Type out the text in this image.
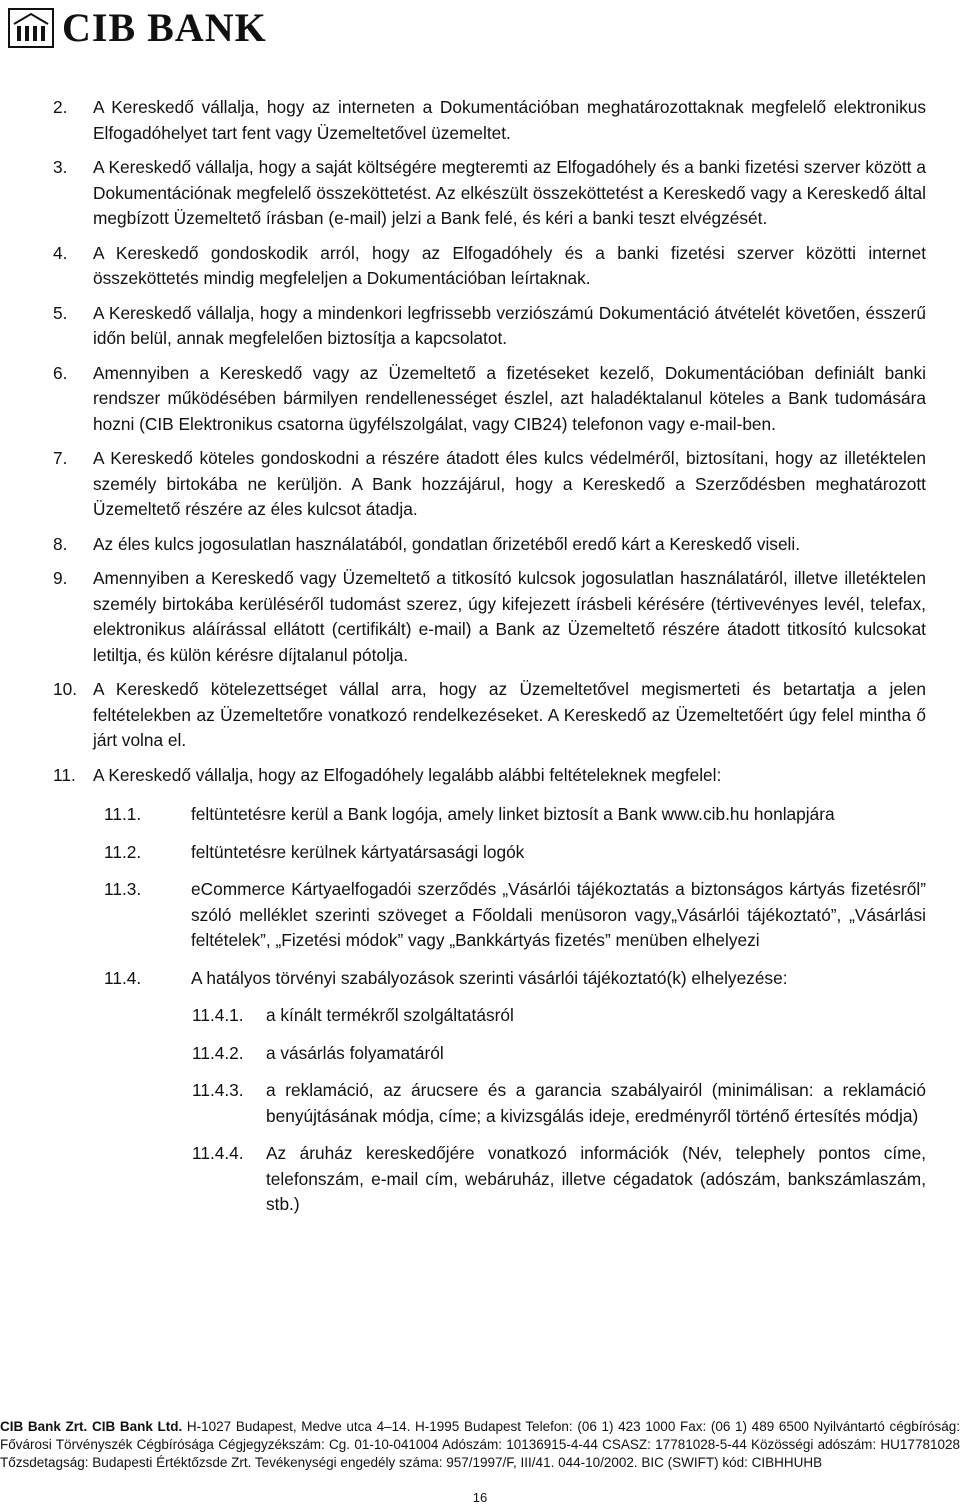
CIB BANK
2.	A Kereskedő vállalja, hogy az interneten a Dokumentációban meghatározottaknak megfelelő elektronikus Elfogadóhelyet tart fent vagy Üzemeltetővel üzemeltet.
3.	A Kereskedő vállalja, hogy a saját költségére megteremti az Elfogadóhely és a banki fizetési szerver között a Dokumentációnak megfelelő összeköttetést. Az elkészült összeköttetést a Kereskedő vagy a Kereskedő által megbízott Üzemeltető írásban (e-mail) jelzi a Bank felé, és kéri a banki teszt elvégzését.
4.	A Kereskedő gondoskodik arról, hogy az Elfogadóhely és a banki fizetési szerver közötti internet összeköttetés mindig megfeleljen a Dokumentációban leírtaknak.
5.	A Kereskedő vállalja, hogy a mindenkori legfrissebb verziószámú Dokumentáció átvételét követően, ésszerű időn belül, annak megfelelően biztosítja a kapcsolatot.
6.	Amennyiben a Kereskedő vagy az Üzemeltető a fizetéseket kezelő, Dokumentációban definiált banki rendszer működésében bármilyen rendellenességet észlel, azt haladéktalanul köteles a Bank tudomására hozni (CIB Elektronikus csatorna ügyfélszolgálat, vagy CIB24) telefonon vagy e-mail-ben.
7.	A Kereskedő köteles gondoskodni a részére átadott éles kulcs védelméről, biztosítani, hogy az illetéktelen személy birtokába ne kerüljön. A Bank hozzájárul, hogy a Kereskedő a Szerződésben meghatározott Üzemeltető részére az éles kulcsot átadja.
8.	Az éles kulcs jogosulatlan használatából, gondatlan őrizetéből eredő kárt a Kereskedő viseli.
9.	Amennyiben a Kereskedő vagy Üzemeltető a titkosító kulcsok jogosulatlan használatáról, illetve illetéktelen személy birtokába kerüléséről tudomást szerez, úgy kifejezett írásbeli kérésére (tértivevényes levél, telefax, elektronikus aláírással ellátott (certifikált) e-mail) a Bank az Üzemeltető részére átadott titkosító kulcsokat letiltja, és külön kérésre díjtalanul pótolja.
10. A Kereskedő kötelezettséget vállal arra, hogy az Üzemeltetővel megismerteti és betartatja a jelen feltételekben az Üzemeltetőre vonatkozó rendelkezéseket. A Kereskedő az Üzemeltetőért úgy felel mintha ő járt volna el.
11. A Kereskedő vállalja, hogy az Elfogadóhely legalább alábbi feltételeknek megfelel:
11.1.	feltüntetésre kerül a Bank logója, amely linket biztosít a Bank www.cib.hu honlapjára
11.2.	feltüntetésre kerülnek kártyatársasági logók
11.3.	eCommerce Kártyaelfogadói szerződés „Vásárlói tájékoztatás a biztonságos kártyás fizetésről” szóló melléklet szerinti szöveget a Főoldali menüsoron vagy„Vásárlói tájékoztató”, „Vásárlási feltételek”, „Fizetési módok” vagy „Bankkártyás fizetés” menüben elhelyezi
11.4.	A hatályos törvényi szabályozások szerinti vásárlói tájékoztató(k) elhelyezése:
11.4.1.	a kínált termékről szolgáltatásról
11.4.2.	a vásárlás folyamatáról
11.4.3.	a reklamáció, az árucsere és a garancia szabályairól (minimálisan: a reklamáció benyújtásának módja, címe; a kivizsgálás ideje, eredményről történő értesítés módja)
11.4.4.	Az áruház kereskedőjére vonatkozó információk (Név, telephely pontos címe, telefonszám, e-mail cím, webáruház, illetve cégadatok (adószám, bankszámlaszám, stb.)
CIB Bank Zrt. CIB Bank Ltd. H-1027 Budapest, Medve utca 4–14. H-1995 Budapest Telefon: (06 1) 423 1000 Fax: (06 1) 489 6500 Nyilvántartó cégbíróság: Fővárosi Törvényszék Cégbírósága Cégjegyzékszám: Cg. 01-10-041004 Adószám: 10136915-4-44 CSASZ: 17781028-5-44 Közösségi adószám: HU17781028 Tőzsdetagság: Budapesti Értéktőzsde Zrt. Tevékenységi engedély száma: 957/1997/F, III/41. 044-10/2002. BIC (SWIFT) kód: CIBHHUHB
16
